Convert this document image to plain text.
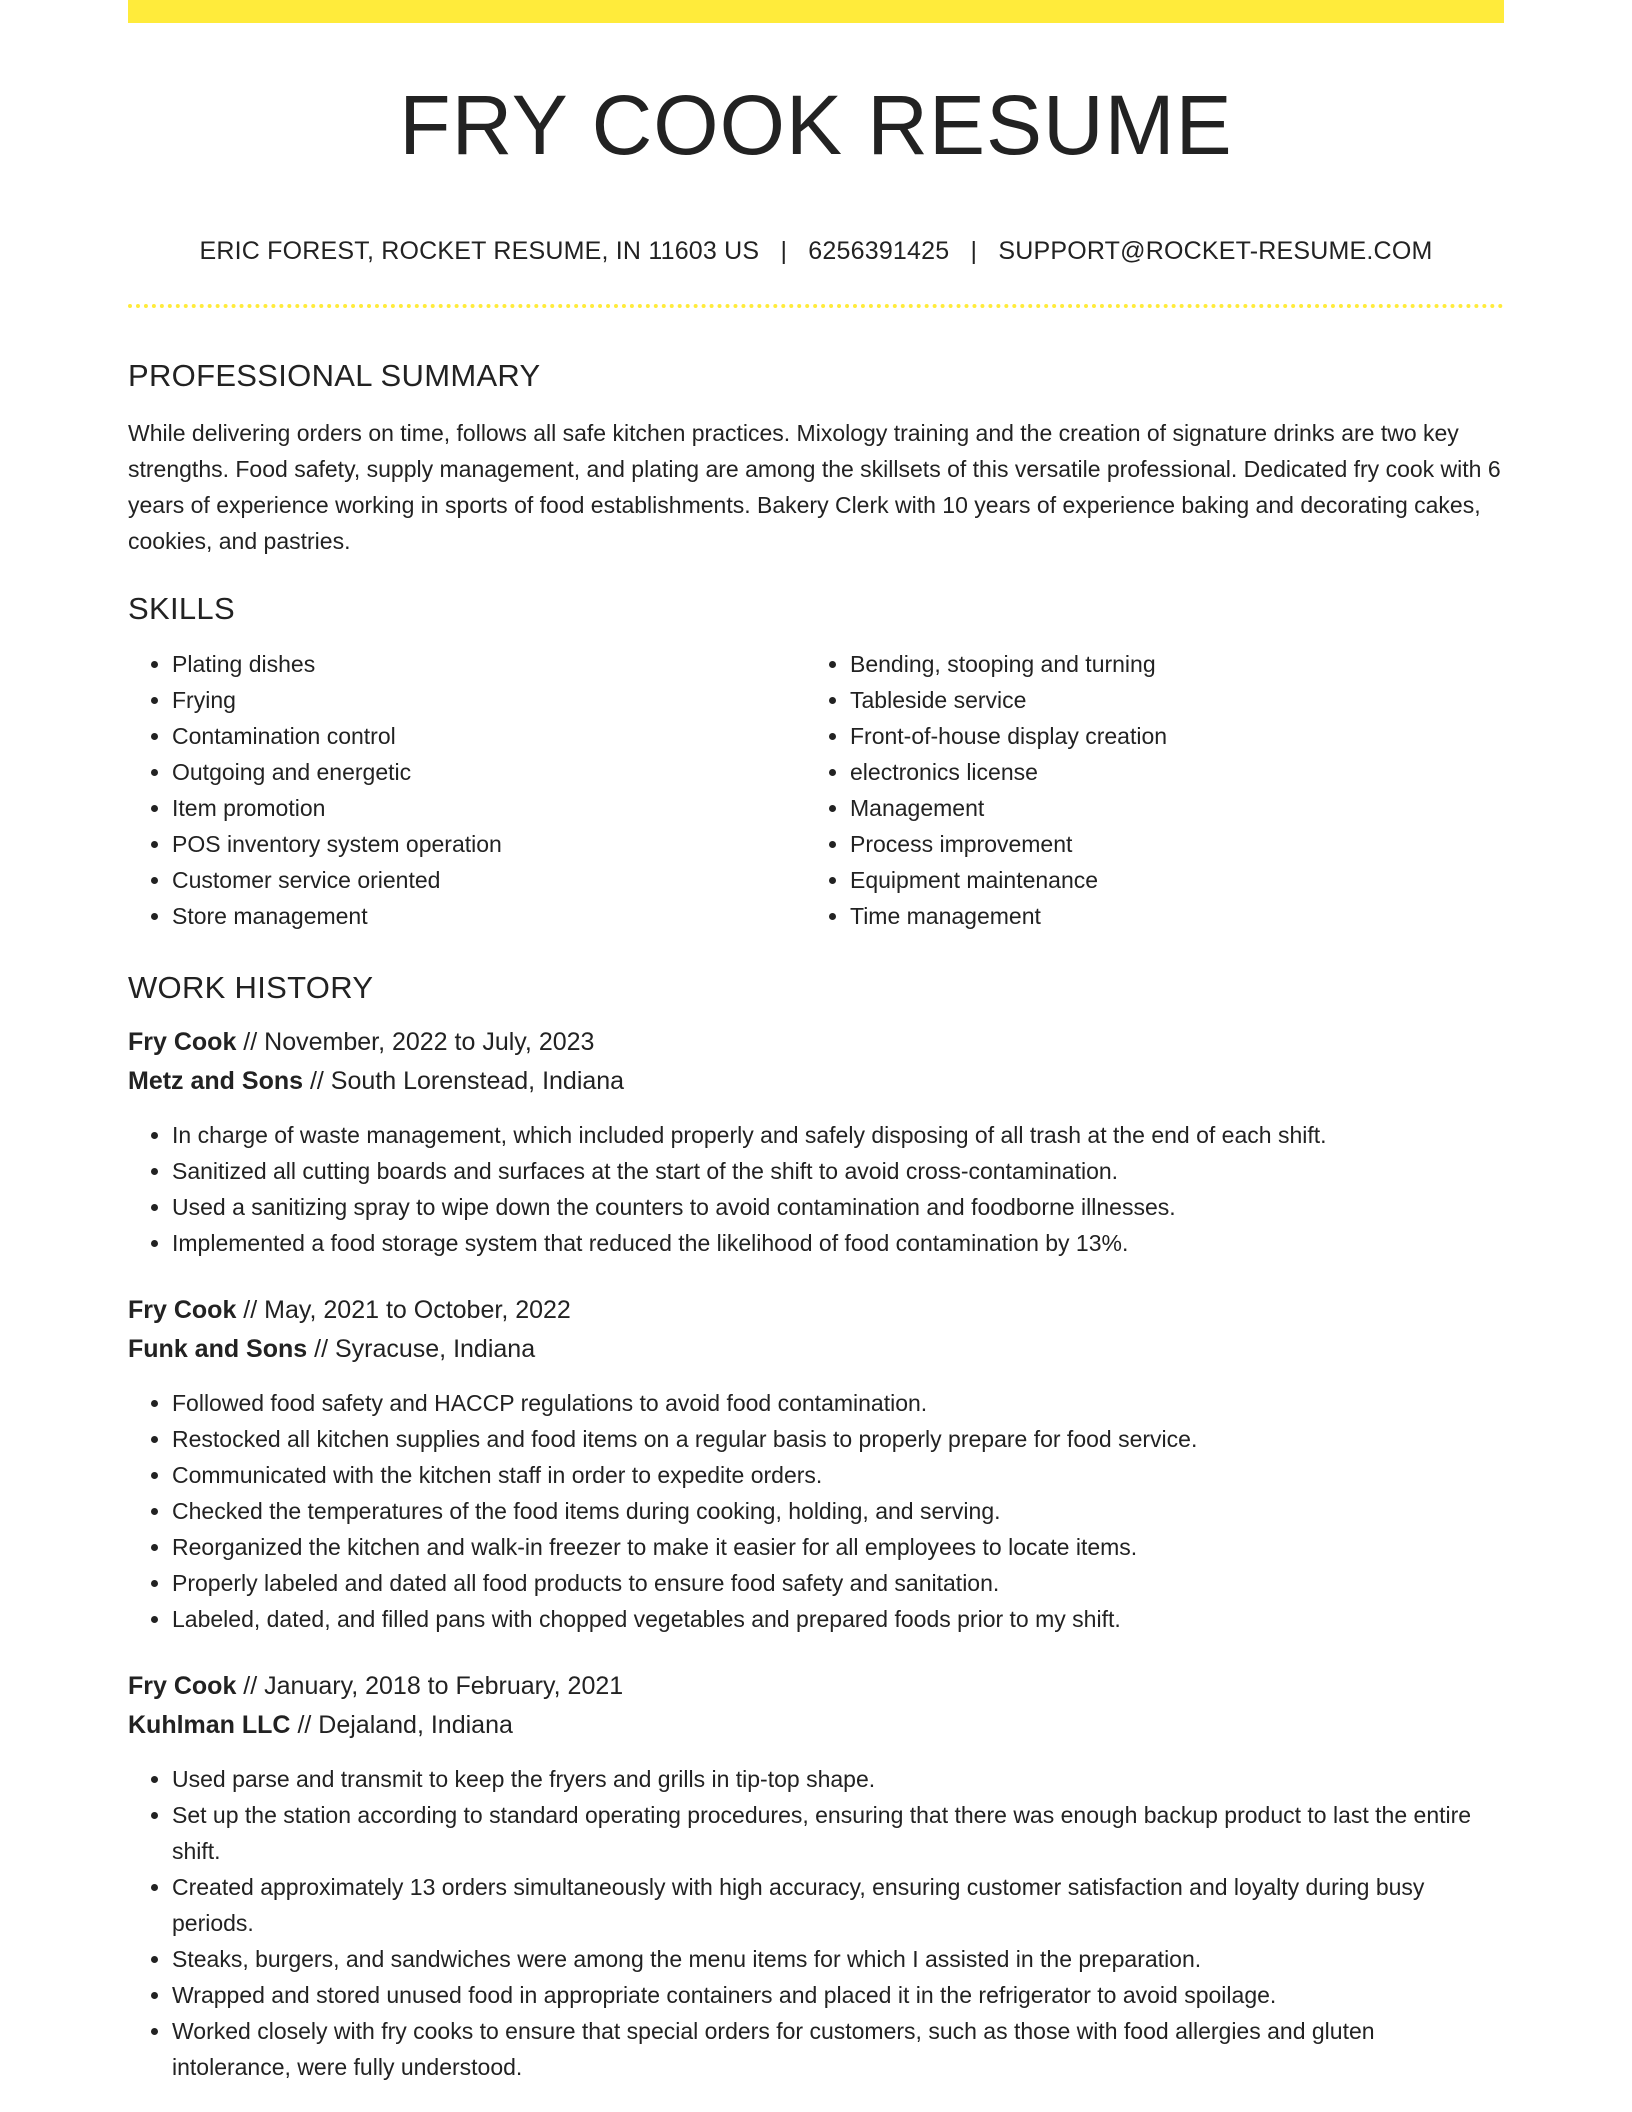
FRY COOK RESUME
ERIC FOREST, ROCKET RESUME, IN 11603 US | 6256391425 | SUPPORT@ROCKET-RESUME.COM
PROFESSIONAL SUMMARY

While delivering orders on time, follows all safe kitchen practices. Mixology training and the creation of signature drinks are two key strengths. Food safety, supply management, and plating are among the skillsets of this versatile professional. Dedicated fry cook with 6 years of experience working in sports of food establishments. Bakery Clerk with 10 years of experience baking and decorating cakes, cookies, and pastries.

SKILLS
• Plating dishes
• Frying
• Contamination control
• Outgoing and energetic
• Item promotion
• POS inventory system operation
• Customer service oriented
• Store management
• Bending, stooping and turning
• Tableside service
• Front-of-house display creation
• electronics license
• Management
• Process improvement
• Equipment maintenance
• Time management
WORK HISTORY
Fry Cook // November, 2022 to July, 2023
Metz and Sons // South Lorenstead, Indiana
• In charge of waste management, which included properly and safely disposing of all trash at the end of each shift.
• Sanitized all cutting boards and surfaces at the start of the shift to avoid cross-contamination.
• Used a sanitizing spray to wipe down the counters to avoid contamination and foodborne illnesses.
• Implemented a food storage system that reduced the likelihood of food contamination by 13%.
Fry Cook // May, 2021 to October, 2022
Funk and Sons // Syracuse, Indiana
• Followed food safety and HACCP regulations to avoid food contamination.
• Restocked all kitchen supplies and food items on a regular basis to properly prepare for food service.
• Communicated with the kitchen staff in order to expedite orders.
• Checked the temperatures of the food items during cooking, holding, and serving.
• Reorganized the kitchen and walk-in freezer to make it easier for all employees to locate items.
• Properly labeled and dated all food products to ensure food safety and sanitation.
• Labeled, dated, and filled pans with chopped vegetables and prepared foods prior to my shift.
Fry Cook // January, 2018 to February, 2021
Kuhlman LLC // Dejaland, Indiana
• Used parse and transmit to keep the fryers and grills in tip-top shape.
• Set up the station according to standard operating procedures, ensuring that there was enough backup product to last the entire shift.
• Created approximately 13 orders simultaneously with high accuracy, ensuring customer satisfaction and loyalty during busy periods.
• Steaks, burgers, and sandwiches were among the menu items for which I assisted in the preparation.
• Wrapped and stored unused food in appropriate containers and placed it in the refrigerator to avoid spoilage.
• Worked closely with fry cooks to ensure that special orders for customers, such as those with food allergies and gluten intolerance, were fully understood.
